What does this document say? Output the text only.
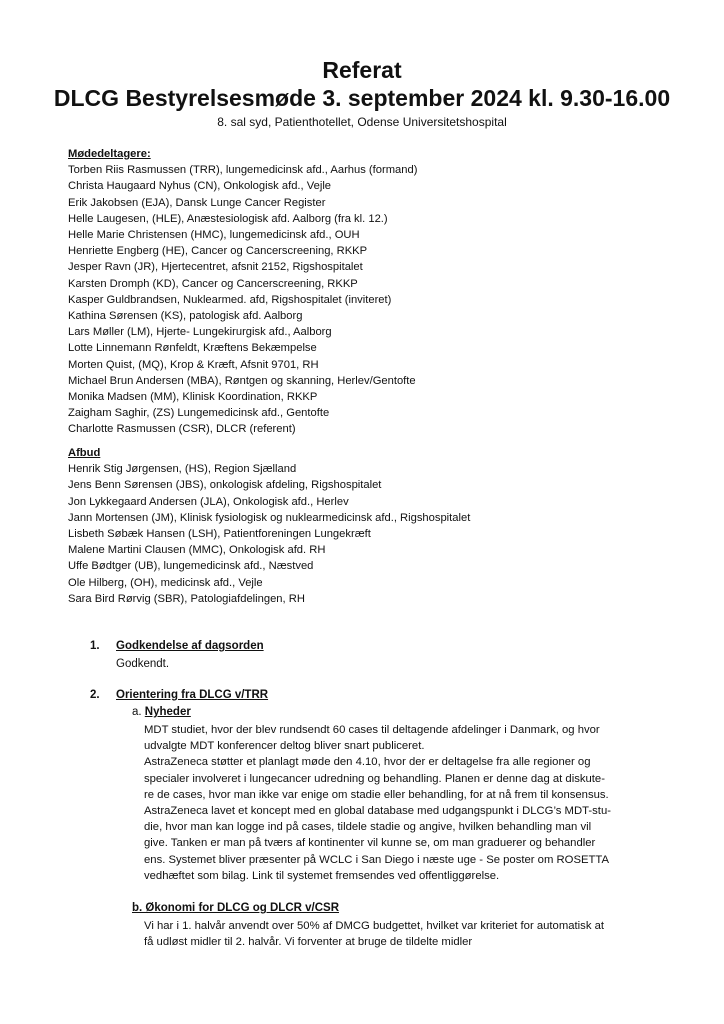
Referat
DLCG Bestyrelsesmøde 3. september 2024 kl. 9.30-16.00
8. sal syd, Patienthotellet, Odense Universitetshospital
Mødedeltagere:
Torben Riis Rasmussen (TRR), lungemedicinsk afd., Aarhus (formand)
Christa Haugaard Nyhus (CN), Onkologisk afd., Vejle
Erik Jakobsen (EJA), Dansk Lunge Cancer Register
Helle Laugesen, (HLE), Anæstesiologisk afd. Aalborg (fra kl. 12.)
Helle Marie Christensen (HMC), lungemedicinsk afd., OUH
Henriette Engberg (HE), Cancer og Cancerscreening, RKKP
Jesper Ravn (JR), Hjertecentret, afsnit 2152, Rigshospitalet
Karsten Dromph (KD), Cancer og Cancerscreening, RKKP
Kasper Guldbrandsen, Nuklearmed. afd, Rigshospitalet (inviteret)
Kathina Sørensen (KS), patologisk afd. Aalborg
Lars Møller (LM), Hjerte- Lungekirurgisk afd., Aalborg
Lotte Linnemann Rønfeldt, Kræftens Bekæmpelse
Morten Quist, (MQ), Krop & Kræft, Afsnit 9701, RH
Michael Brun Andersen (MBA), Røntgen og skanning, Herlev/Gentofte
Monika Madsen (MM), Klinisk Koordination, RKKP
Zaigham Saghir, (ZS) Lungemedicinsk afd., Gentofte
Charlotte Rasmussen (CSR), DLCR (referent)
Afbud
Henrik Stig Jørgensen, (HS), Region Sjælland
Jens Benn Sørensen (JBS), onkologisk afdeling, Rigshospitalet
Jon Lykkegaard Andersen (JLA), Onkologisk afd., Herlev
Jann Mortensen (JM), Klinisk fysiologisk og nuklearmedicinsk afd., Rigshospitalet
Lisbeth Søbæk Hansen (LSH), Patientforeningen Lungekræft
Malene Martini Clausen (MMC), Onkologisk afd. RH
Uffe Bødtger (UB), lungemedicinsk afd., Næstved
Ole Hilberg, (OH), medicinsk afd., Vejle
Sara Bird Rørvig (SBR), Patologiafdelingen, RH
1. Godkendelse af dagsorden
Godkendt.
2. Orientering fra DLCG v/TRR
a. Nyheder
MDT studiet, hvor der blev rundsendt 60 cases til deltagende afdelinger i Danmark, og hvor
udvalgte MDT konferencer deltog bliver snart publiceret.
AstraZeneca støtter et planlagt møde den 4.10, hvor der er deltagelse fra alle regioner og
specialer involveret i lungecancer udredning og behandling. Planen er denne dag at diskute-
re de cases, hvor man ikke var enige om stadie eller behandling, for at nå frem til konsensus.
AstraZeneca lavet et koncept med en global database med udgangspunkt i DLCG’s MDT-stu-
die, hvor man kan logge ind på cases, tildele stadie og angive, hvilken behandling man vil
give. Tanken er man på tværs af kontinenter vil kunne se, om man graduerer og behandler
ens. Systemet bliver præsenter på WCLC i San Diego i næste uge - Se poster om ROSETTA
vedhæftet som bilag. Link til systemet fremsendes ved offentliggørelse.
b. Økonomi for DLCG og DLCR v/CSR
Vi har i 1. halvår anvendt over 50% af DMCG budgettet, hvilket var kriteriet for automatisk at
få udløst midler til 2. halvår. Vi forventer at bruge de tildelte midler
